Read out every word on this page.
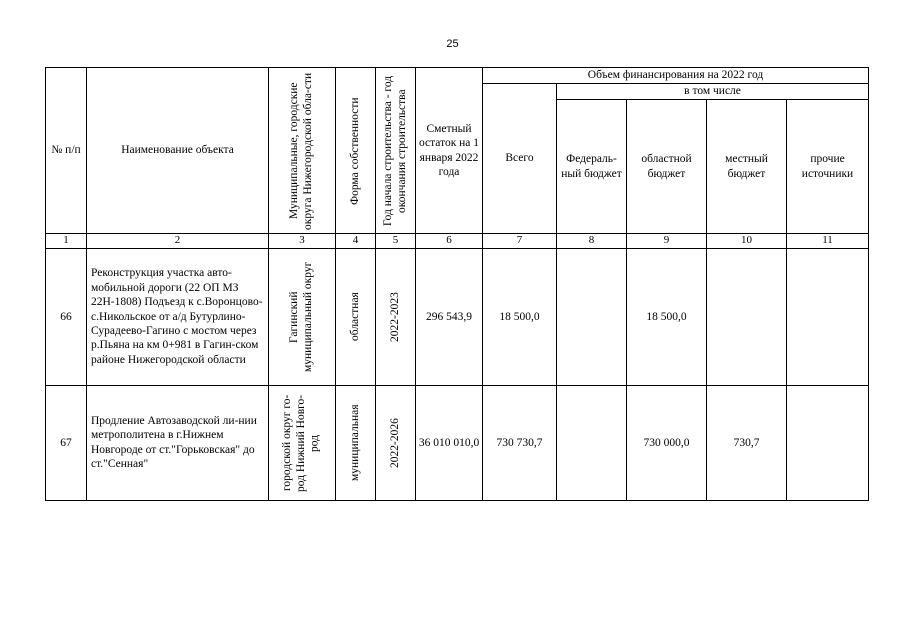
25
№ п/п	Наименование объекта	Муниципальные, городские округа Нижегородской обла-сти	Форма собственности	Год начала строительства - год окончания строительства	Сметный остаток на 1 января 2022 года	Объем финансирования на 2022 год				
						Всего	в том числе			
							Федераль-ный бюджет	областной бюджет	местный бюджет	прочие источники
1	2	3	4	5	6	7	8	9	10	11
66	Реконструкция участка авто-мобильной дороги (22 ОП МЗ 22Н-1808) Подъезд к с.Воронцово-с.Никольское от а/д Бутурлино-Сурадеево-Гагино с мостом через р.Пьяна на км 0+981 в Гагин-ском районе Нижегородской области	Гагинский муниципальный округ	областная	2022-2023	296 543,9	18 500,0		18 500,0		
67	Продление Автозаводской ли-нии метрополитена в г.Нижнем Новгороде от ст."Горьковская" до ст."Сенная"	городской округ го-род Нижний Новго-род	муниципальная	2022-2026	36 010 010,0	730 730,7		730 000,0	730,7	
